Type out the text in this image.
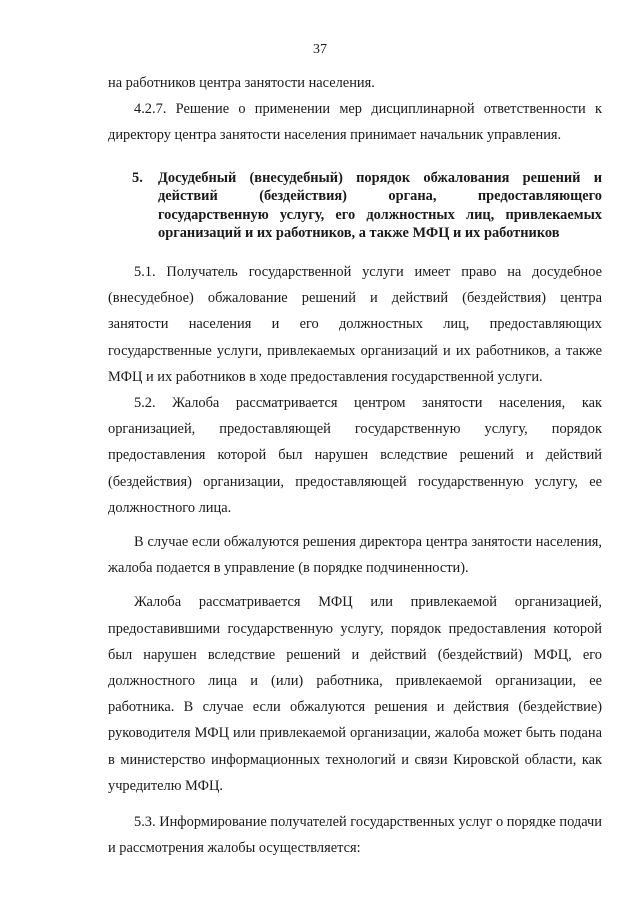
37

на работников центра занятости населения.

4.2.7. Решение о применении мер дисциплинарной ответственности к директору центра занятости населения принимает начальник управления.

5.	Досудебный (внесудебный) порядок обжалования решений и действий (бездействия) органа, предоставляющего государственную услугу, его должностных лиц, привлекаемых организаций и их работников, а также МФЦ и их работников

5.1. Получатель государственной услуги имеет право на досудебное (внесудебное) обжалование решений и действий (бездействия) центра занятости населения и его должностных лиц, предоставляющих государственные услуги, привлекаемых организаций и их работников, а также МФЦ и их работников в ходе предоставления государственной услуги.

5.2. Жалоба рассматривается центром занятости населения, как организацией, предоставляющей государственную услугу, порядок предоставления которой был нарушен вследствие решений и действий (бездействия) организации, предоставляющей государственную услугу, ее должностного лица.

В случае если обжалуются решения директора центра занятости населения, жалоба подается в управление (в порядке подчиненности).

Жалоба рассматривается МФЦ или привлекаемой организацией, предоставившими государственную услугу, порядок предоставления которой был нарушен вследствие решений и действий (бездействий) МФЦ, его должностного лица и (или) работника, привлекаемой организации, ее работника. В случае если обжалуются решения и действия (бездействие) руководителя МФЦ или привлекаемой организации, жалоба может быть подана в министерство информационных технологий и связи Кировской области, как учредителю МФЦ.

5.3. Информирование получателей государственных услуг о порядке подачи и рассмотрения жалобы осуществляется:
